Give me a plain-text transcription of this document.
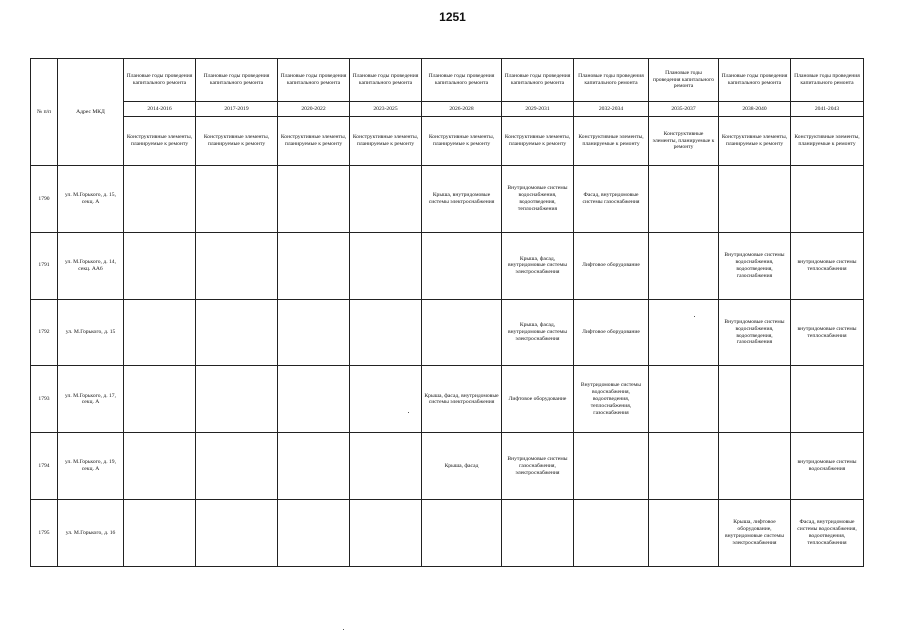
1251
№ п/п	Адрес МКД	Плановые годы проведения капитального ремонта	Плановые годы проведения капитального ремонта	Плановые годы проведения капитального ремонта	Плановые годы проведения капитального ремонта	Плановые годы проведения капитального ремонта	Плановые годы проведения капитального ремонта	Плановые годы проведения капитального ремонта	Плановые годы проведения капитального ремонта	Плановые годы проведения капитального ремонта	Плановые годы проведения капитального ремонта
		2014-2016	2017-2019	2020-2022	2023-2025	2026-2028	2029-2031	2032-2034	2035-2037	2038-2040	2041-2043
		Конструктивные элементы, планируемые к ремонту	Конструктивные элементы, планируемые к ремонту	Конструктивные элементы, планируемые к ремонту	Конструктивные элементы, планируемые к ремонту	Конструктивные элементы, планируемые к ремонту	Конструктивные элементы, планируемые к ремонту	Конструктивные элементы, планируемые к ремонту	Конструктивные элементы, планируемые к ремонту	Конструктивные элементы, планируемые к ремонту	Конструктивные элементы, планируемые к ремонту
1790	ул. М.Горького, д. 15, секц. А					Крыша, внутридомовые системы электроснабжения	Внутридомовые системы водоснабжения, водоотведения, теплоснабжения	Фасад, внутридомовые системы газоснабжения			
1791	ул. М.Горького, д. 14, секц. АА6						Крыша, фасад, внутридомовые системы электроснабжения	Лифтовое оборудование		Внутридомовые системы водоснабжения, водоотведения, газоснабжения	внутридомовые системы теплоснабжения
1792	ул. М.Горького, д. 15						Крыша, фасад, внутридомовые системы электроснабжения	Лифтовое оборудование		Внутридомовые системы водоснабжения, водоотведения, газоснабжения	внутридомовые системы теплоснабжения
1793	ул. М.Горького, д. 17, секц. А					Крыша, фасад, внутридомовые системы электроснабжения	Лифтовое оборудование	Внутридомовые системы водоснабжения, водоотведения, теплоснабжения, газоснабжения			
1794	ул. М.Горького, д. 19, секц. А					Крыша, фасад	Внутридомовые системы газоснабжения, электроснабжения				внутридомовые системы водоснабжения
1795	ул. М.Горького, д. 16									Крыша, лифтовое оборудование, внутридомовые системы электроснабжения	Фасад, внутридомовые системы водоснабжения, водоотведения, теплоснабжения
